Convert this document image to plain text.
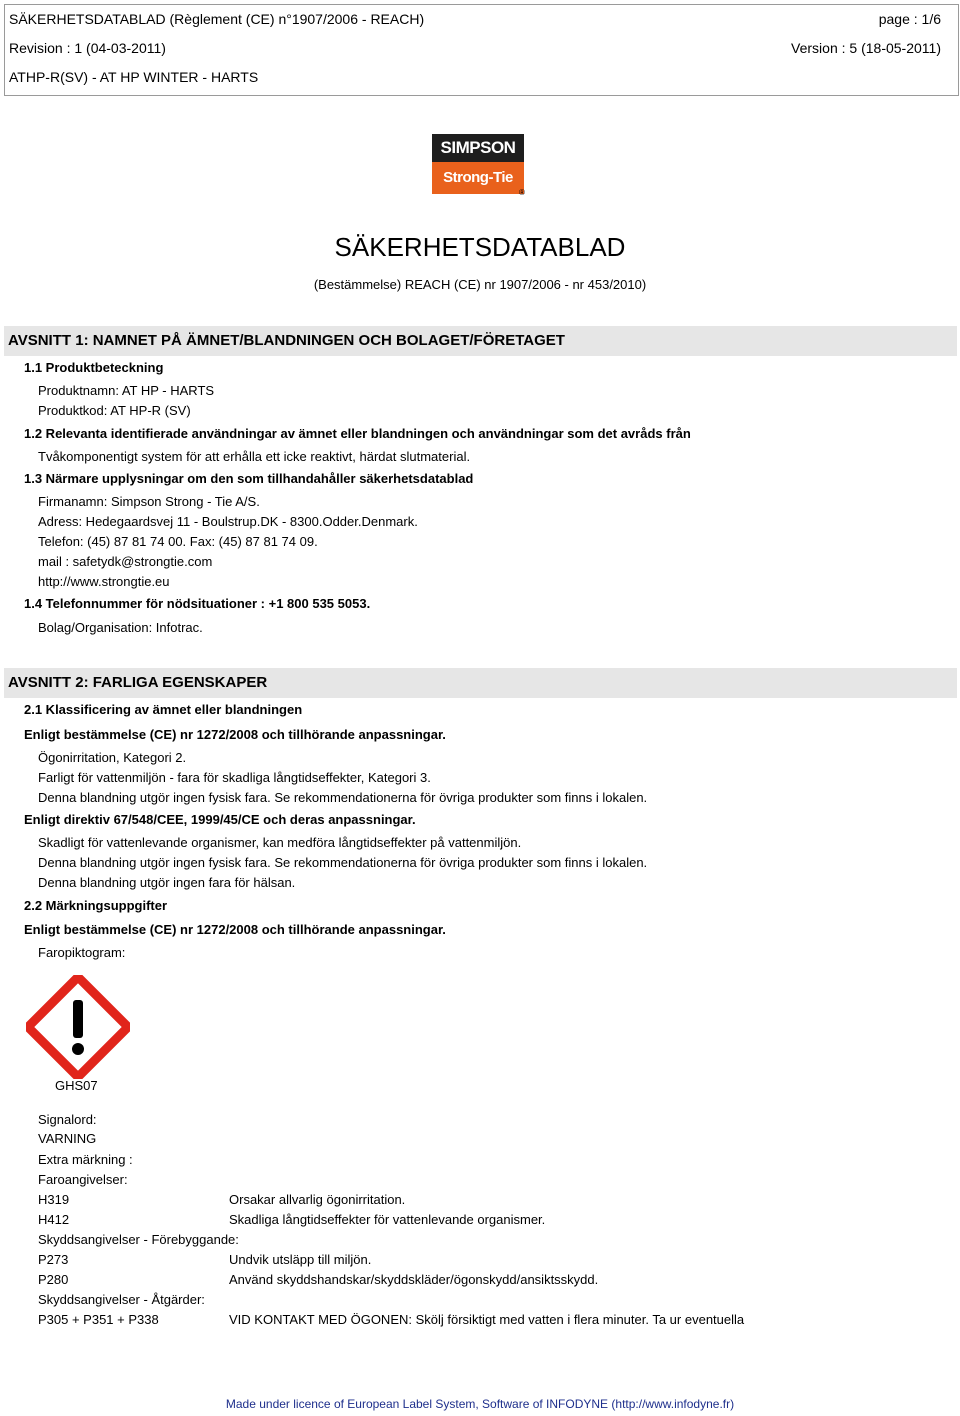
SÄKERHETSDATABLAD (Règlement (CE) n°1907/2006 - REACH)	page : 1/6
Revision : 1 (04-03-2011)	Version : 5 (18-05-2011)
ATHP-R(SV) - AT HP WINTER - HARTS
SIMPSON
Strong-Tie
®
SÄKERHETSDATABLAD
(Bestämmelse) REACH (CE) nr 1907/2006 - nr 453/2010)
AVSNITT 1: NAMNET PÅ ÄMNET/BLANDNINGEN OCH BOLAGET/FÖRETAGET
1.1 Produktbeteckning
Produktnamn: AT HP - HARTS
Produktkod: AT HP-R (SV)
1.2 Relevanta identifierade användningar av ämnet eller blandningen och användningar som det avråds från
Tvåkomponentigt system för att erhålla ett icke reaktivt, härdat slutmaterial.
1.3 Närmare upplysningar om den som tillhandahåller säkerhetsdatablad
Firmanamn: Simpson Strong - Tie A/S.
Adress: Hedegaardsvej 11 - Boulstrup.DK - 8300.Odder.Denmark.
Telefon: (45) 87 81 74 00. Fax: (45) 87 81 74 09.
mail : safetydk@strongtie.com
http://www.strongtie.eu
1.4 Telefonnummer för nödsituationer : +1 800 535 5053.
Bolag/Organisation: Infotrac.
AVSNITT 2: FARLIGA EGENSKAPER
2.1 Klassificering av ämnet eller blandningen
Enligt bestämmelse (CE) nr 1272/2008 och tillhörande anpassningar.
Ögonirritation, Kategori 2.
Farligt för vattenmiljön - fara för skadliga långtidseffekter, Kategori 3.
Denna blandning utgör ingen fysisk fara. Se rekommendationerna för övriga produkter som finns i lokalen.
Enligt direktiv 67/548/CEE, 1999/45/CE och deras anpassningar.
Skadligt för vattenlevande organismer, kan medföra långtidseffekter på vattenmiljön.
Denna blandning utgör ingen fysisk fara. Se rekommendationerna för övriga produkter som finns i lokalen.
Denna blandning utgör ingen fara för hälsan.
2.2 Märkningsuppgifter
Enligt bestämmelse (CE) nr 1272/2008 och tillhörande anpassningar.
Faropiktogram:
GHS07
Signalord:
VARNING
Extra märkning :
Faroangivelser:
H319	Orsakar allvarlig ögonirritation.
H412	Skadliga långtidseffekter för vattenlevande organismer.
Skyddsangivelser - Förebyggande:
P273	Undvik utsläpp till miljön.
P280	Använd skyddshandskar/skyddskläder/ögonskydd/ansiktsskydd.
Skyddsangivelser - Åtgärder:
P305 + P351 + P338	VID KONTAKT MED ÖGONEN: Skölj försiktigt med vatten i flera minuter. Ta ur eventuella
Made under licence of European Label System, Software of INFODYNE (http://www.infodyne.fr)
